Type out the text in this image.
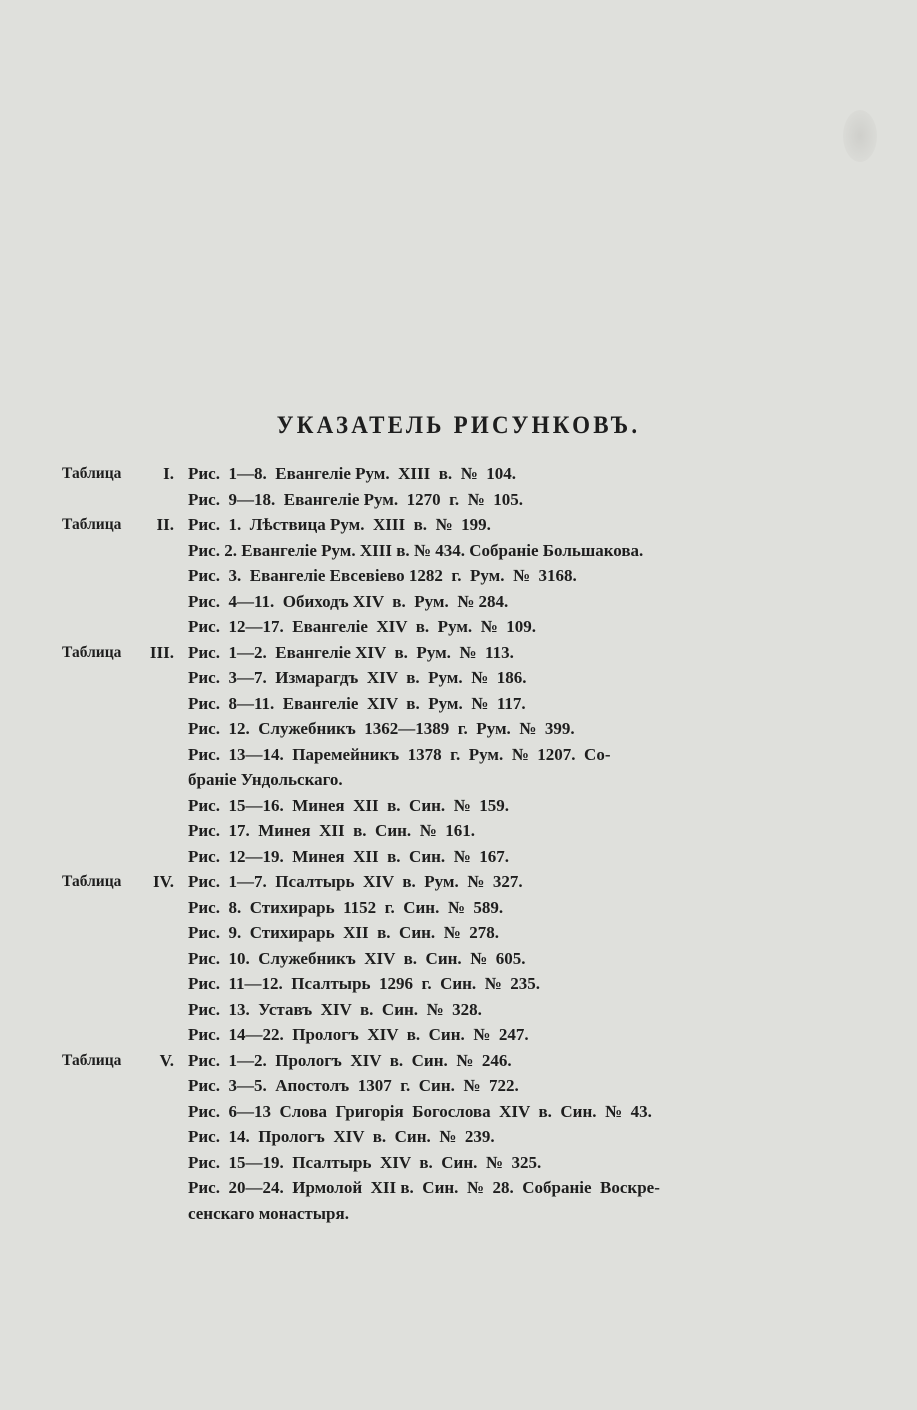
УКАЗАТЕЛЬ РИСУНКОВЪ.
Таблица I. Рис.  1—8.  Евангеліе Рум.  XIII  в.  №  104.
Рис.  9—18.  Евангеліе Рум.  1270  г.  №  105.
Таблица II. Рис.  1.  Лѣствица Рум.  XIII  в.  №  199.
Рис. 2. Евангеліе Рум. XIII в. № 434. Собраніе Большакова.
Рис.  3.  Евангеліе Евсевіево 1282  г.  Рум.  №  3168.
Рис.  4—11.  Обиходъ XIV  в.  Рум.  № 284.
Рис.  12—17.  Евангеліе  XIV  в.  Рум.  №  109.
Таблица III. Рис.  1—2.  Евангеліе XIV  в.  Рум.  №  113.
Рис.  3—7.  Измарагдъ  XIV  в.  Рум.  №  186.
Рис.  8—11.  Евангеліе  XIV  в.  Рум.  №  117.
Рис.  12.  Служебникъ  1362—1389  г.  Рум.  №  399.
Рис.  13—14.  Паремейникъ  1378  г.  Рум.  №  1207.  Со-
браніе Ундольскаго.
Рис.  15—16.  Минея  XII  в.  Син.  №  159.
Рис.  17.  Минея  XII  в.  Син.  №  161.
Рис.  12—19.  Минея  XII  в.  Син.  №  167.
Таблица IV. Рис.  1—7.  Псалтырь  XIV  в.  Рум.  №  327.
Рис.  8.  Стихирарь  1152  г.  Син.  №  589.
Рис.  9.  Стихирарь  XII  в.  Син.  №  278.
Рис.  10.  Служебникъ  XIV  в.  Син.  №  605.
Рис.  11—12.  Псалтырь  1296  г.  Син.  №  235.
Рис.  13.  Уставъ  XIV  в.  Син.  №  328.
Рис.  14—22.  Прологъ  XIV  в.  Син.  №  247.
Таблица V. Рис.  1—2.  Прологъ  XIV  в.  Син.  №  246.
Рис.  3—5.  Апостолъ  1307  г.  Син.  №  722.
Рис.  6—13  Слова  Григорія  Богослова  XIV  в.  Син.  №  43.
Рис.  14.  Прологъ  XIV  в.  Син.  №  239.
Рис.  15—19.  Псалтырь  XIV  в.  Син.  №  325.
Рис.  20—24.  Ирмолой  XII в.  Син.  №  28.  Собраніе  Воскре-
сенскаго монастыря.
